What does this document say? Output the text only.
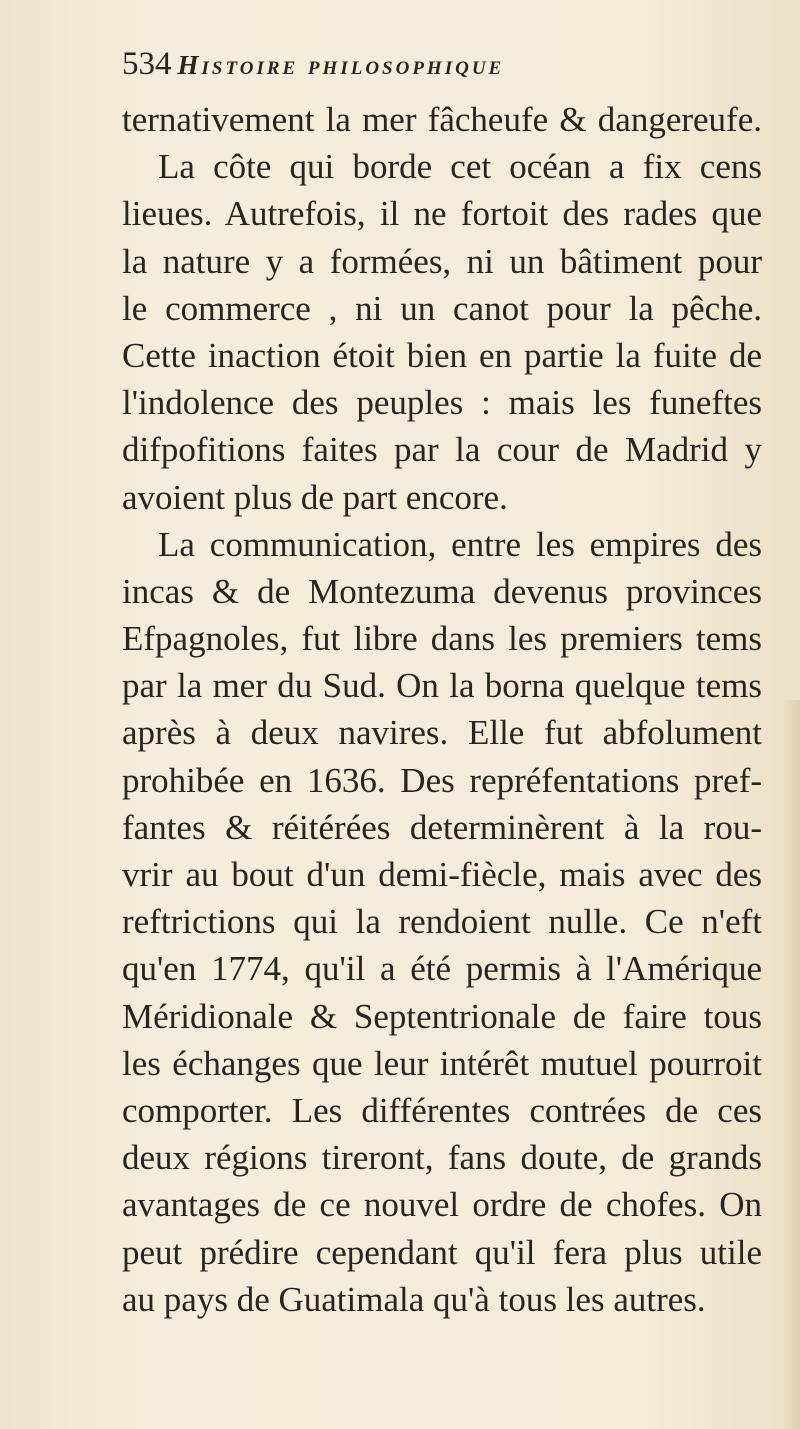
534 Histoire philosophique
ternativement la mer fâcheufe & dangereufe.
La côte qui borde cet océan a fix cens
lieues. Autrefois, il ne fortoit des rades que
la nature y a formées, ni un bâtiment pour
le commerce , ni un canot pour la pêche.
Cette inaction étoit bien en partie la fuite de
l'indolence des peuples : mais les funeftes
difpofitions faites par la cour de Madrid y
avoient plus de part encore.
La communication, entre les empires des
incas & de Montezuma devenus provinces
Efpagnoles, fut libre dans les premiers tems
par la mer du Sud. On la borna quelque tems
après à deux navires. Elle fut abfolument
prohibée en 1636. Des repréfentations pref-
fantes & réitérées determinèrent à la rou-
vrir au bout d'un demi-fiècle, mais avec des
reftrictions qui la rendoient nulle. Ce n'eft
qu'en 1774, qu'il a été permis à l'Amérique
Méridionale & Septentrionale de faire tous
les échanges que leur intérêt mutuel pourroit
comporter. Les différentes contrées de ces
deux régions tireront, fans doute, de grands
avantages de ce nouvel ordre de chofes. On
peut prédire cependant qu'il fera plus utile
au pays de Guatimala qu'à tous les autres.
